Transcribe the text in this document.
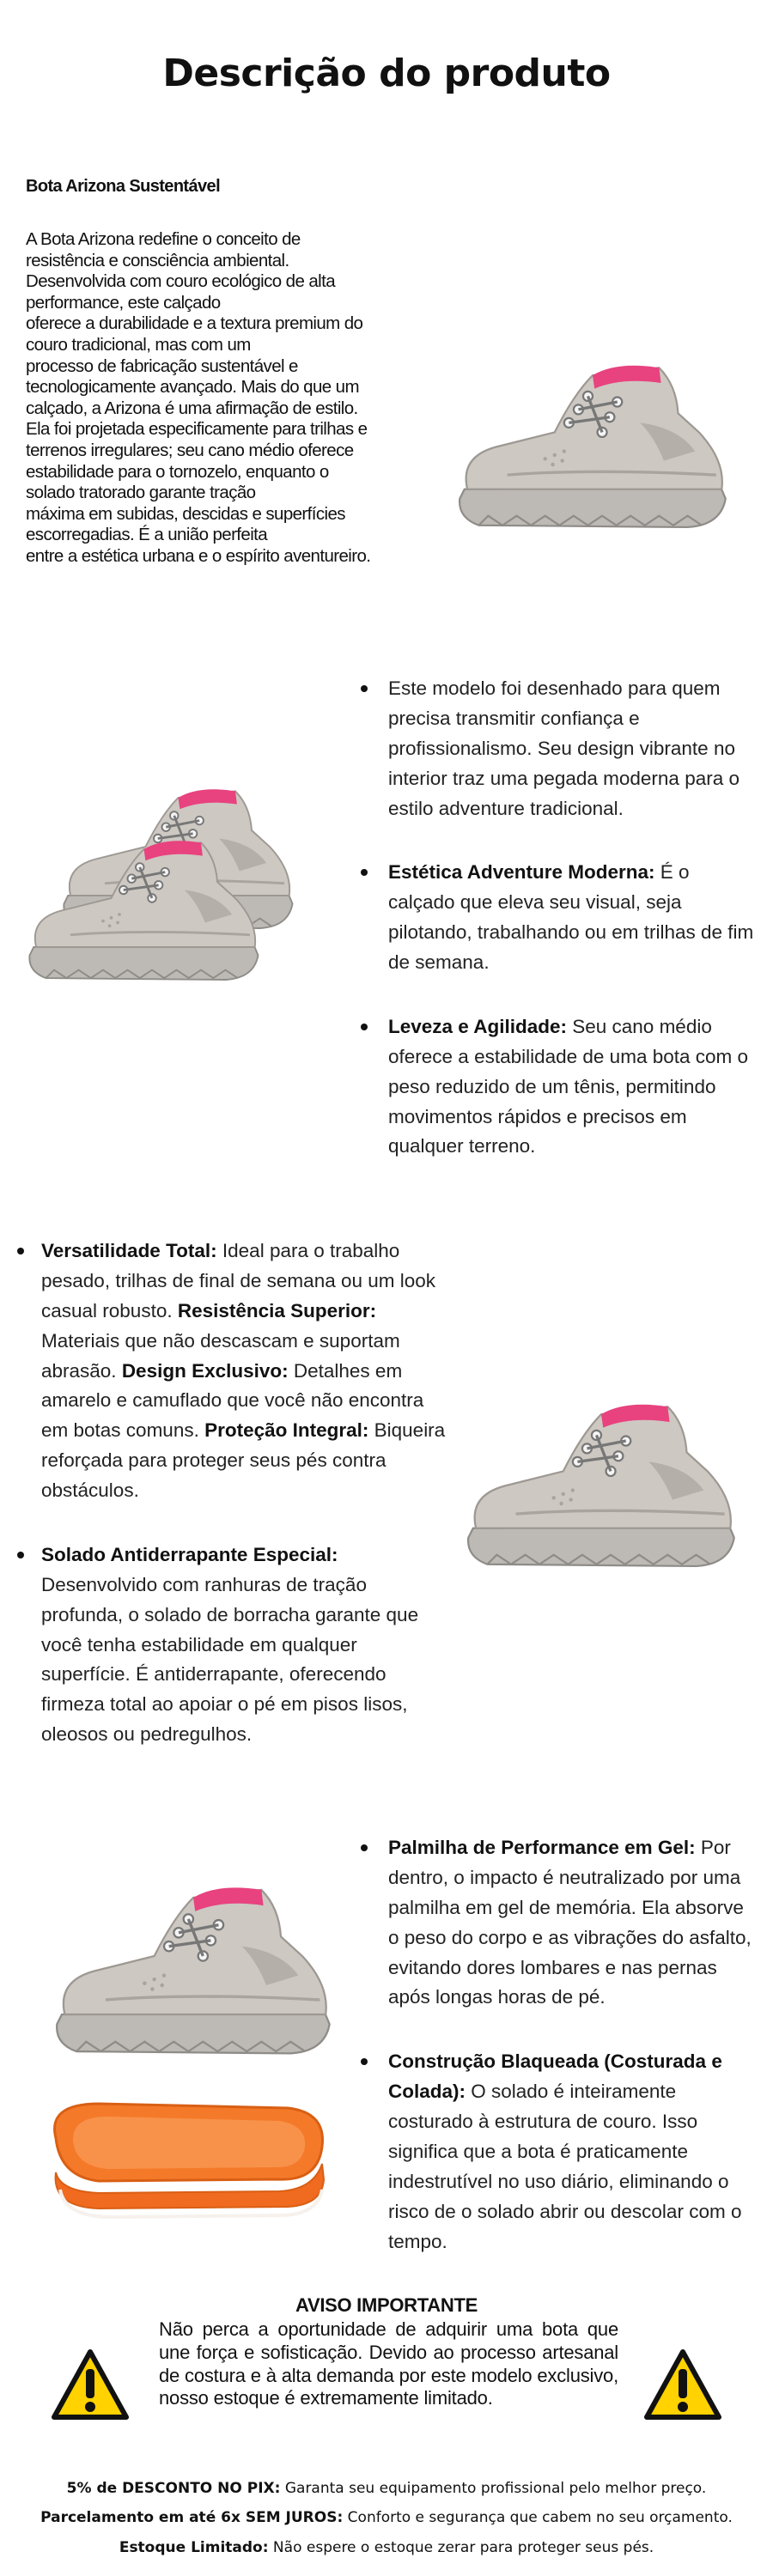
Descrição do produto
Bota Arizona Sustentável
A Bota Arizona redefine o conceito de
resistência e consciência ambiental.
Desenvolvida com couro ecológico de alta
performance, este calçado
oferece a durabilidade e a textura premium do
couro tradicional, mas com um
processo de fabricação sustentável e
tecnologicamente avançado. Mais do que um
calçado, a Arizona é uma afirmação de estilo.
Ela foi projetada especificamente para trilhas e
terrenos irregulares; seu cano médio oferece
estabilidade para o tornozelo, enquanto o
solado tratorado garante tração
máxima em subidas, descidas e superfícies
escorregadias. É a união perfeita
entre a estética urbana e o espírito aventureiro.
Este modelo foi desenhado para quem precisa transmitir confiança e profissionalismo. Seu design vibrante no interior traz uma pegada moderna para o estilo adventure tradicional.
Estética Adventure Moderna: É o calçado que eleva seu visual, seja pilotando, trabalhando ou em trilhas de fim de semana.
Leveza e Agilidade: Seu cano médio oferece a estabilidade de uma bota com o peso reduzido de um tênis, permitindo movimentos rápidos e precisos em qualquer terreno.
Versatilidade Total: Ideal para o trabalho pesado, trilhas de final de semana ou um look casual robusto. Resistência Superior: Materiais que não descascam e suportam abrasão. Design Exclusivo: Detalhes em amarelo e camuflado que você não encontra em botas comuns. Proteção Integral: Biqueira reforçada para proteger seus pés contra obstáculos.
Solado Antiderrapante Especial: Desenvolvido com ranhuras de tração profunda, o solado de borracha garante que você tenha estabilidade em qualquer superfície. É antiderrapante, oferecendo firmeza total ao apoiar o pé em pisos lisos, oleosos ou pedregulhos.
Palmilha de Performance em Gel: Por dentro, o impacto é neutralizado por uma palmilha em gel de memória. Ela absorve o peso do corpo e as vibrações do asfalto, evitando dores lombares e nas pernas após longas horas de pé.
Construção Blaqueada (Costurada e Colada): O solado é inteiramente costurado à estrutura de couro. Isso significa que a bota é praticamente indestrutível no uso diário, eliminando o risco de o solado abrir ou descolar com o tempo.
AVISO IMPORTANTE
Não perca a oportunidade de adquirir uma bota que une força e sofisticação. Devido ao processo artesanal de costura e à alta demanda por este modelo exclusivo, nosso estoque é extremamente limitado.
5% de DESCONTO NO PIX: Garanta seu equipamento profissional pelo melhor preço.
Parcelamento em até 6x SEM JUROS: Conforto e segurança que cabem no seu orçamento.
Estoque Limitado: Não espere o estoque zerar para proteger seus pés.
